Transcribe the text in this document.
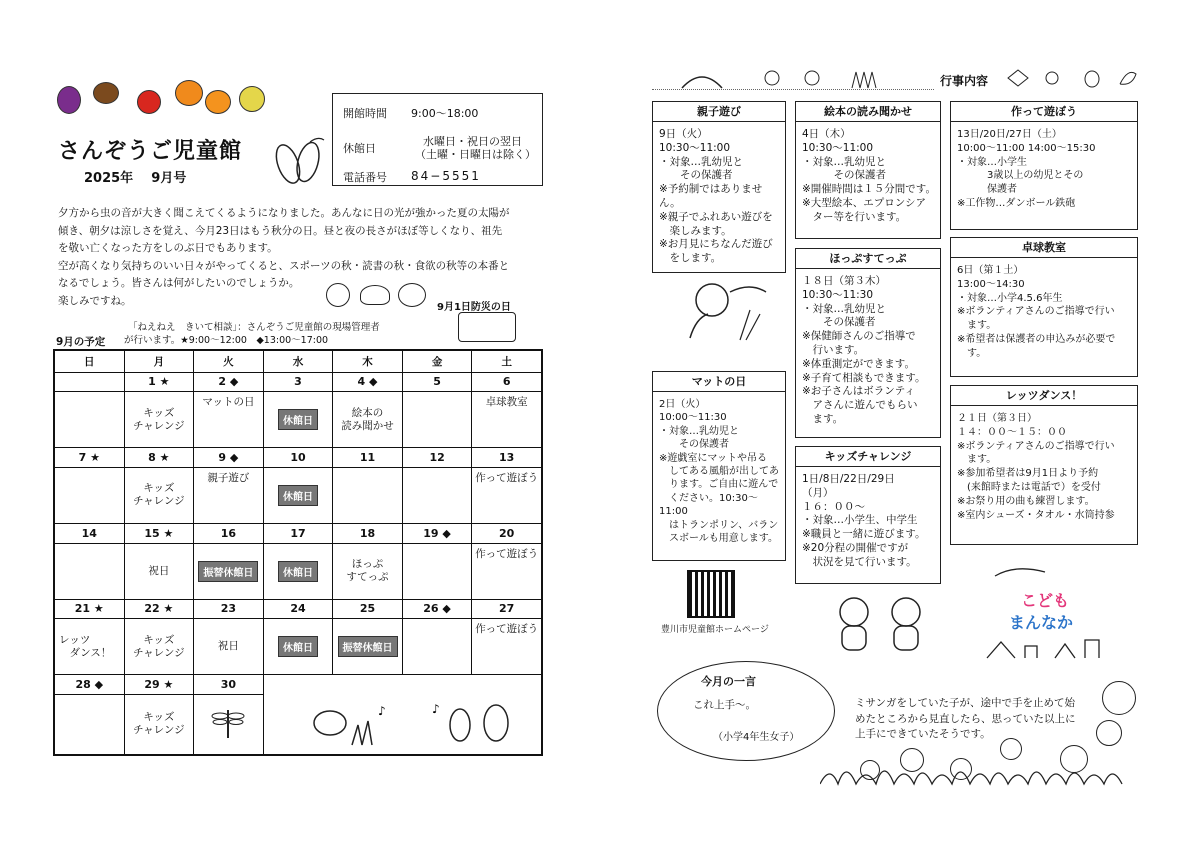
さんぞうご児童館
2025年 9月号
開館時間 9:00〜18:00
休館日
水曜日・祝日の翌日
（土曜・日曜日は除く）
電話番号 84−5551

夕方から虫の音が大きく聞こえてくるようになりました。あんなに日の光が強かった夏の太陽が

傾き、朝夕は涼しさを覚え、今月23日はもう秋分の日。昼と夜の長さがほぼ等しくなり、祖先

を敬い亡くなった方をしのぶ日でもあります。

空が高くなり気持ちのいい日々がやってくると、スポーツの秋・読書の秋・食欲の秋等の本番と

なるでしょう。皆さんは何がしたいのでしょうか。

楽しみですね。

9月1日防災の日
9月の予定
「ねえねえ　きいて相談」：さんぞうご児童館の現場管理者
が行います。★9:00〜12:00　◆13:00〜17:00
日	月	火	水	木	金	土
	1 ★	2 ◆	3	4 ◆	5	6

	キッズ
チャレンジ	マットの日	休館日	絵本の
読み聞かせ		卓球教室

7 ★	8 ★	9 ◆	10	11	12	13

	キッズ
チャレンジ	親子遊び	休館日			作って遊ぼう

14	15 ★	16	17	18	19 ◆	20

	祝日	振替休館日	休館日	ほっぷ
すてっぷ		作って遊ぼう

21 ★	22 ★	23	24	25	26 ◆	27

レッツ
　ダンス！	キッズ
チャレンジ	祝日	休館日	振替休館日		作って遊ぼう

28 ◆	29 ★	30				

	キッズ
チャレンジ		♪ ♪			
行事内容
親子遊び
9日（火）
10:30〜11:00
・対象…乳幼児と
　　その保護者
※予約制ではありません。
※親子でふれあい遊びを
　楽しみます。
※お月見にちなんだ遊び
　をします。
絵本の読み聞かせ
4日（木）
10:30〜11:00
・対象…乳幼児と
　　　その保護者
※開催時間は１５分間です。
※大型絵本、エプロンシア
　ター等を行います。
作って遊ぼう
13日/20日/27日（土）
10:00〜11:00 14:00〜15:30
・対象…小学生
　　　3歳以上の幼児とその
　　　保護者
※工作物…ダンボール鉄砲
卓球教室
6日（第１土）
13:00〜14:30
・対象…小学4.5.6年生
※ボランティアさんのご指導で行い
　ます。
※希望者は保護者の申込みが必要で
　す。
ほっぷすてっぷ
１８日（第３木）
10:30〜11:30
・対象…乳幼児と
　　その保護者
※保健師さんのご指導で
　行います。
※体重測定ができます。
※子育て相談もできます。
※お子さんはボランティ
　アさんに遊んでもらい
　ます。
マットの日
2日（火）
10:00〜11:30
・対象…乳幼児と
　　その保護者
※遊戯室にマットや吊る
　してある風船が出してあ
　ります。ご自由に遊んで
　ください。10:30〜11:00
　はトランポリン、バラン
　スボールも用意します。
キッズチャレンジ
1日/8日/22日/29日
（月）
１６：００〜
・対象…小学生、中学生
※職員と一緒に遊びます。
※20分程の開催ですが
　状況を見て行います。
レッツダンス！
２１日（第３日）
１４：００〜１５：００
※ボランティアさんのご指導で行い
　ます。
※参加希望者は9月1日より予約
　(来館時または電話で）を受付
※お祭り用の曲も練習します。
※室内シューズ・タオル・水筒持参
豊川市児童館ホームページ
こども
まんなか
今月の一言
これ上手〜。
（小学4年生女子）

ミサンガをしていた子が、途中で手を止めて始

めたところから見直したら、思っていた以上に

上手にできていたそうです。
